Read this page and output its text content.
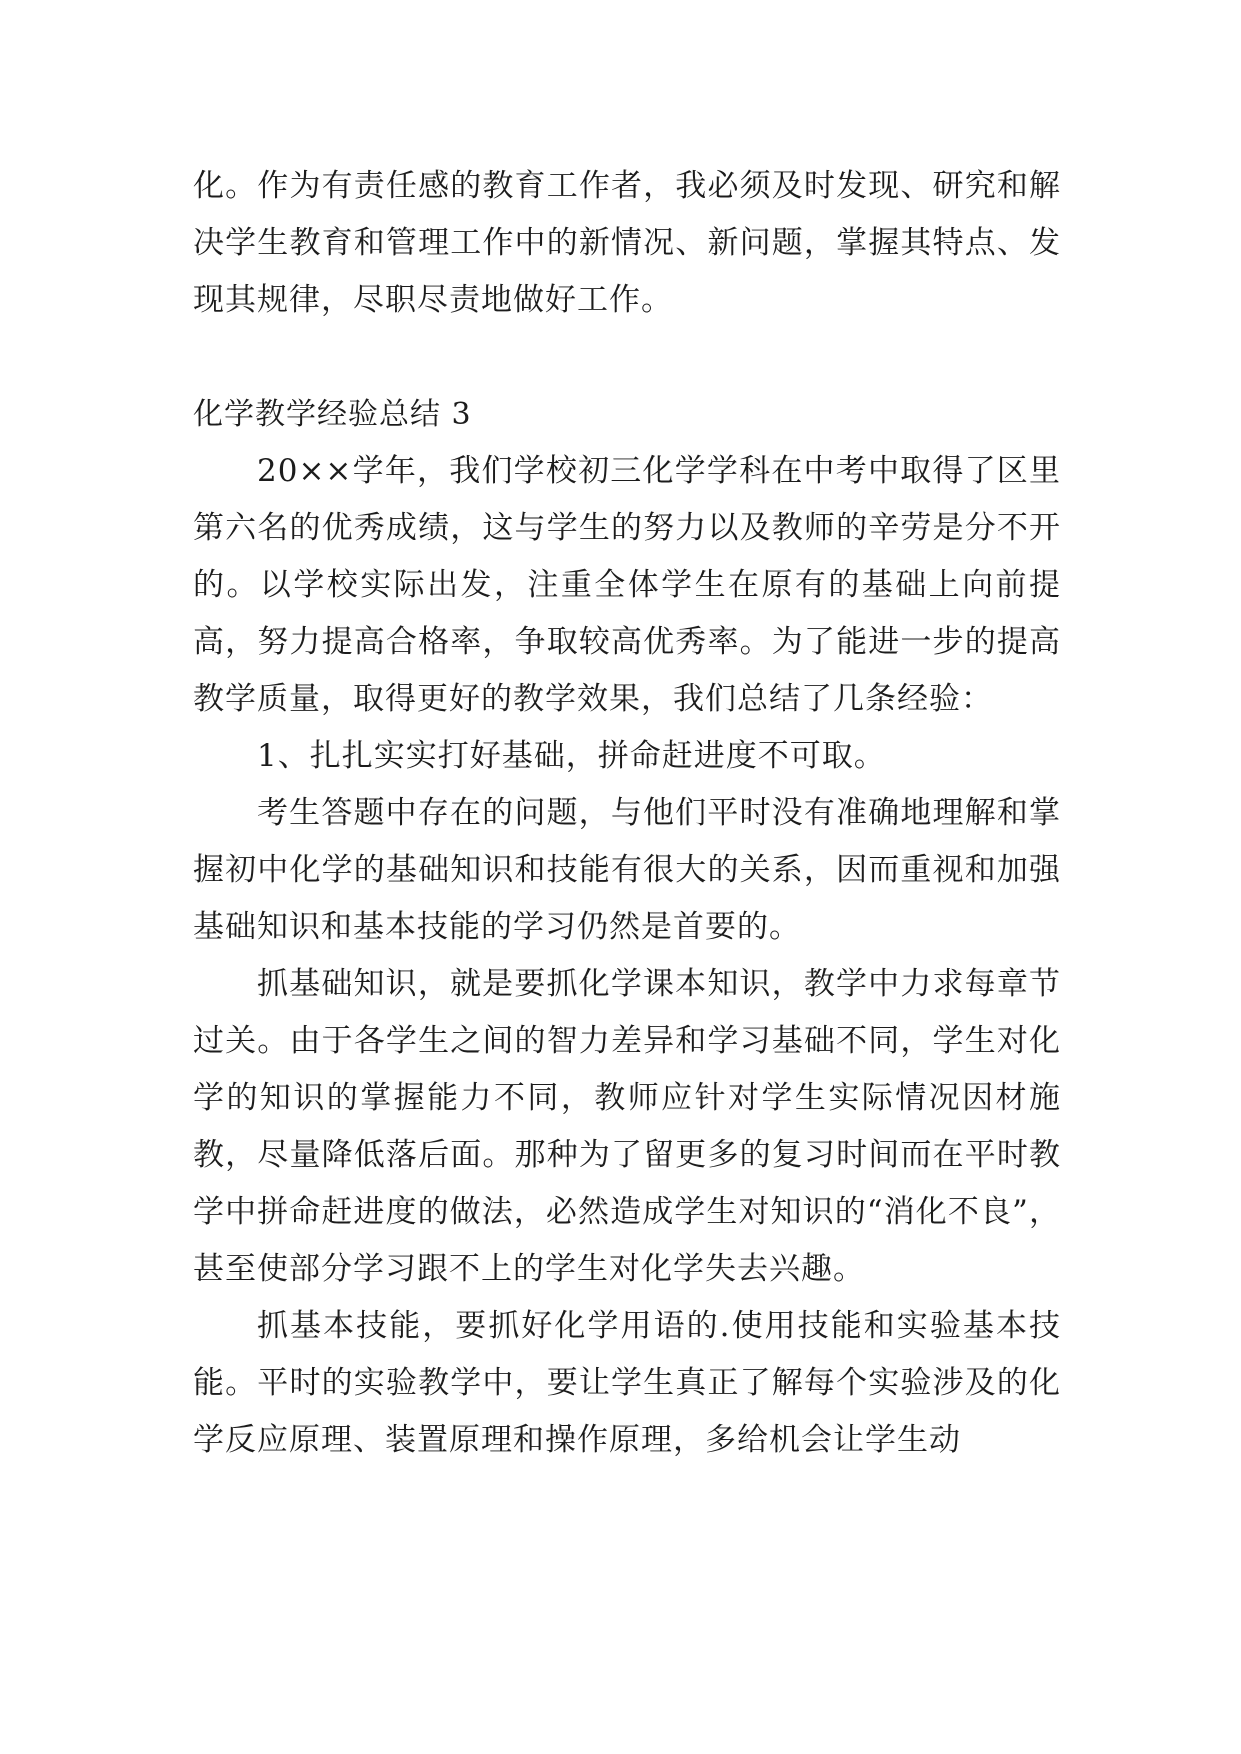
化。作为有责任感的教育工作者，我必须及时发现、研究和解决学生教育和管理工作中的新情况、新问题，掌握其特点、发现其规律，尽职尽责地做好工作。

化学教学经验总结 3

20××学年，我们学校初三化学学科在中考中取得了区里第六名的优秀成绩，这与学生的努力以及教师的辛劳是分不开的。以学校实际出发，注重全体学生在原有的基础上向前提高，努力提高合格率，争取较高优秀率。为了能进一步的提高教学质量，取得更好的教学效果，我们总结了几条经验：

1、扎扎实实打好基础，拼命赶进度不可取。

考生答题中存在的问题，与他们平时没有准确地理解和掌握初中化学的基础知识和技能有很大的关系，因而重视和加强基础知识和基本技能的学习仍然是首要的。

抓基础知识，就是要抓化学课本知识，教学中力求每章节过关。由于各学生之间的智力差异和学习基础不同，学生对化学的知识的掌握能力不同，教师应针对学生实际情况因材施教，尽量降低落后面。那种为了留更多的复习时间而在平时教学中拼命赶进度的做法，必然造成学生对知识的“消化不良”，甚至使部分学习跟不上的学生对化学失去兴趣。

抓基本技能，要抓好化学用语的.使用技能和实验基本技能。平时的实验教学中，要让学生真正了解每个实验涉及的化学反应原理、装置原理和操作原理，多给机会让学生动
